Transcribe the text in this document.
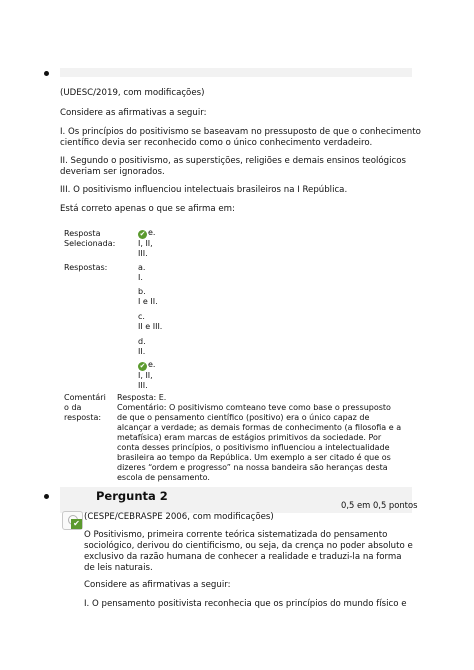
(UDESC/2019, com modificações)
Considere as afirmativas a seguir:
I. Os princípios do positivismo se baseavam no pressuposto de que o conhecimento
científico devia ser reconhecido como o único conhecimento verdadeiro.
II. Segundo o positivismo, as superstições, religiões e demais ensinos teológicos
deveriam ser ignorados.
III. O positivismo influenciou intelectuais brasileiros na I República.
Está correto apenas o que se afirma em:
Resposta
Selecionada:
✔ e.
I, II,
III.
Respostas:	a.
I.
b.
I e II.
c.
II e III.
d.
II.
✔ e.
I, II,
III.
Comentári
o da
resposta:
Resposta: E.
Comentário: O positivismo comteano teve como base o pressuposto
de que o pensamento científico (positivo) era o único capaz de
alcançar a verdade; as demais formas de conhecimento (a filosofia e a
metafísica) eram marcas de estágios primitivos da sociedade. Por
conta desses princípios, o positivismo influenciou a intelectualidade
brasileira ao tempo da República. Um exemplo a ser citado é que os
dizeres “ordem e progresso” na nossa bandeira são heranças desta
escola de pensamento.
Pergunta 2
0,5 em 0,5 pontos
✔
(CESPE/CEBRASPE 2006, com modificações)
O Positivismo, primeira corrente teórica sistematizada do pensamento
sociológico, derivou do cientificismo, ou seja, da crença no poder absoluto e
exclusivo da razão humana de conhecer a realidade e traduzi-la na forma
de leis naturais.
Considere as afirmativas a seguir:
I. O pensamento positivista reconhecia que os princípios do mundo físico e
